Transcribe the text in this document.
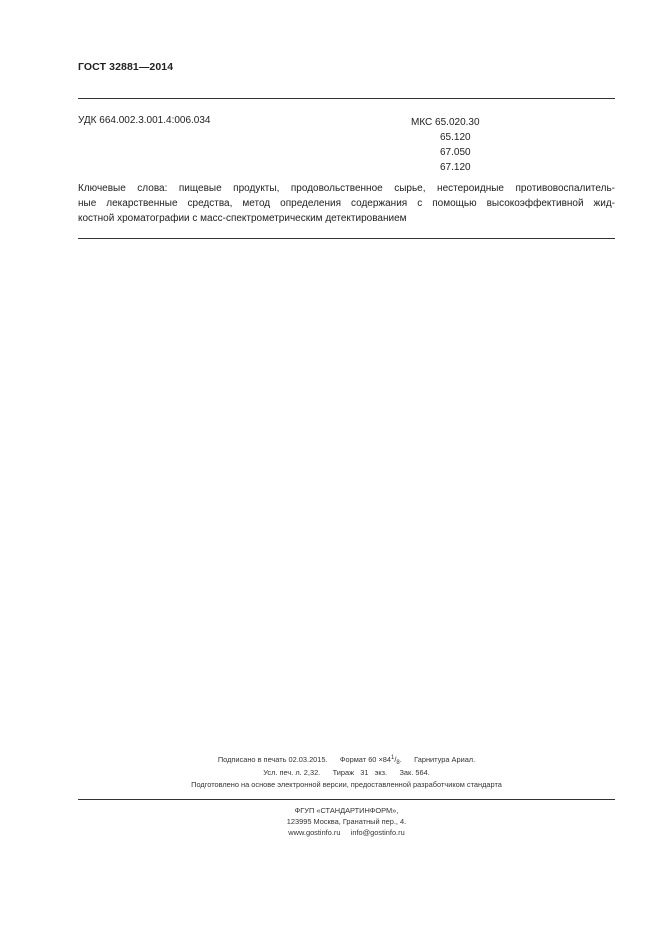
ГОСТ 32881—2014
УДК 664.002.3.001.4:006.034	МКС 65.020.30
65.120
67.050
67.120
Ключевые слова: пищевые продукты, продовольственное сырье, нестероидные противовоспалитель-
ные лекарственные средства, метод определения содержания с помощью высокоэффективной жид-
костной хроматографии с масс-спектрометрическим детектированием
Подписано в печать 02.03.2015. Формат $60 \times 84^1/_8$. Гарнитура Ариал.
Усл. печ. л. 2,32. Тираж   31   экз. Зак. 564.
Подготовлено на основе электронной версии, предоставленной разработчиком стандарта
ФГУП «СТАНДАРТИНФОРМ»,
123995 Москва, Гранатный пер., 4.
www.gostinfo.ru info@gostinfo.ru
